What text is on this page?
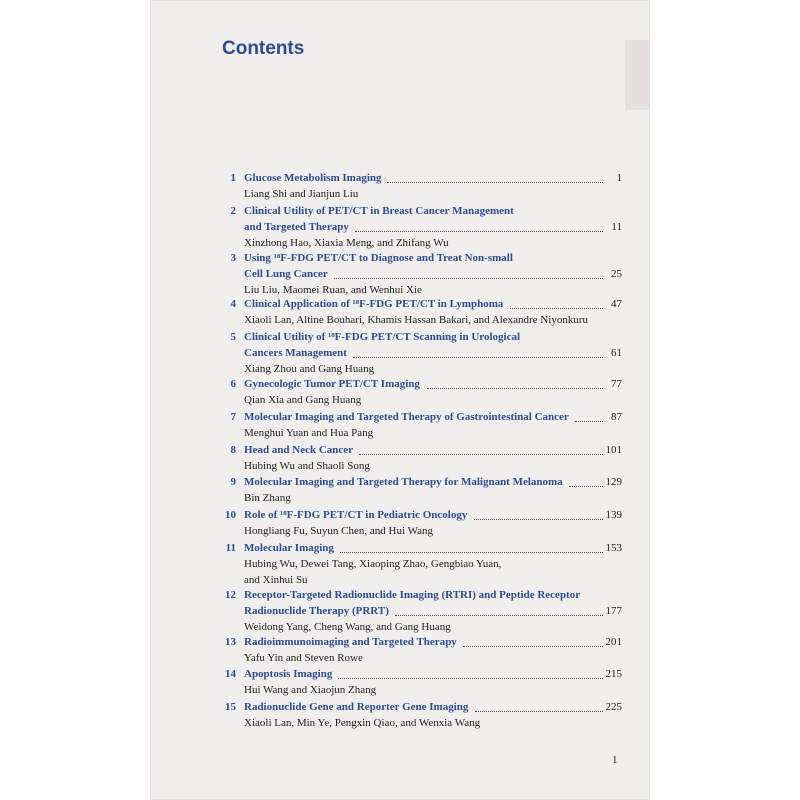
Contents
1 Glucose Metabolism Imaging
Liang Shi and Jianjun Liu
1
2 Clinical Utility of PET/CT in Breast Cancer Management
and Targeted Therapy
Xinzhong Hao, Xiaxia Meng, and Zhifang Wu
11
3 Using ¹⁸F-FDG PET/CT to Diagnose and Treat Non-small
Cell Lung Cancer
Liu Liu, Maomei Ruan, and Wenhui Xie
25
4 Clinical Application of ¹⁸F-FDG PET/CT in Lymphoma
Xiaoli Lan, Altine Bouhari, Khamis Hassan Bakari, and Alexandre Niyonkuru
47
5 Clinical Utility of ¹⁸F-FDG PET/CT Scanning in Urological
Cancers Management
Xiang Zhou and Gang Huang
61
6 Gynecologic Tumor PET/CT Imaging
Qian Xia and Gang Huang
77
7 Molecular Imaging and Targeted Therapy of Gastrointestinal Cancer
Menghui Yuan and Hua Pang
87
8 Head and Neck Cancer
Hubing Wu and Shaoli Song
101
9 Molecular Imaging and Targeted Therapy for Malignant Melanoma
Bin Zhang
129
10 Role of ¹⁸F-FDG PET/CT in Pediatric Oncology
Hongliang Fu, Suyun Chen, and Hui Wang
139
11 Molecular Imaging
Hubing Wu, Dewei Tang, Xiaoping Zhao, Gengbiao Yuan,
and Xinhui Su
153
12 Receptor-Targeted Radionuclide Imaging (RTRI) and Peptide Receptor
Radionuclide Therapy (PRRT)
Weidong Yang, Cheng Wang, and Gang Huang
177
13 Radioimmunoimaging and Targeted Therapy
Yafu Yin and Steven Rowe
201
14 Apoptosis Imaging
Hui Wang and Xiaojun Zhang
215
15 Radionuclide Gene and Reporter Gene Imaging
Xiaoli Lan, Min Ye, Pengxin Qiao, and Wenxia Wang
225
1
